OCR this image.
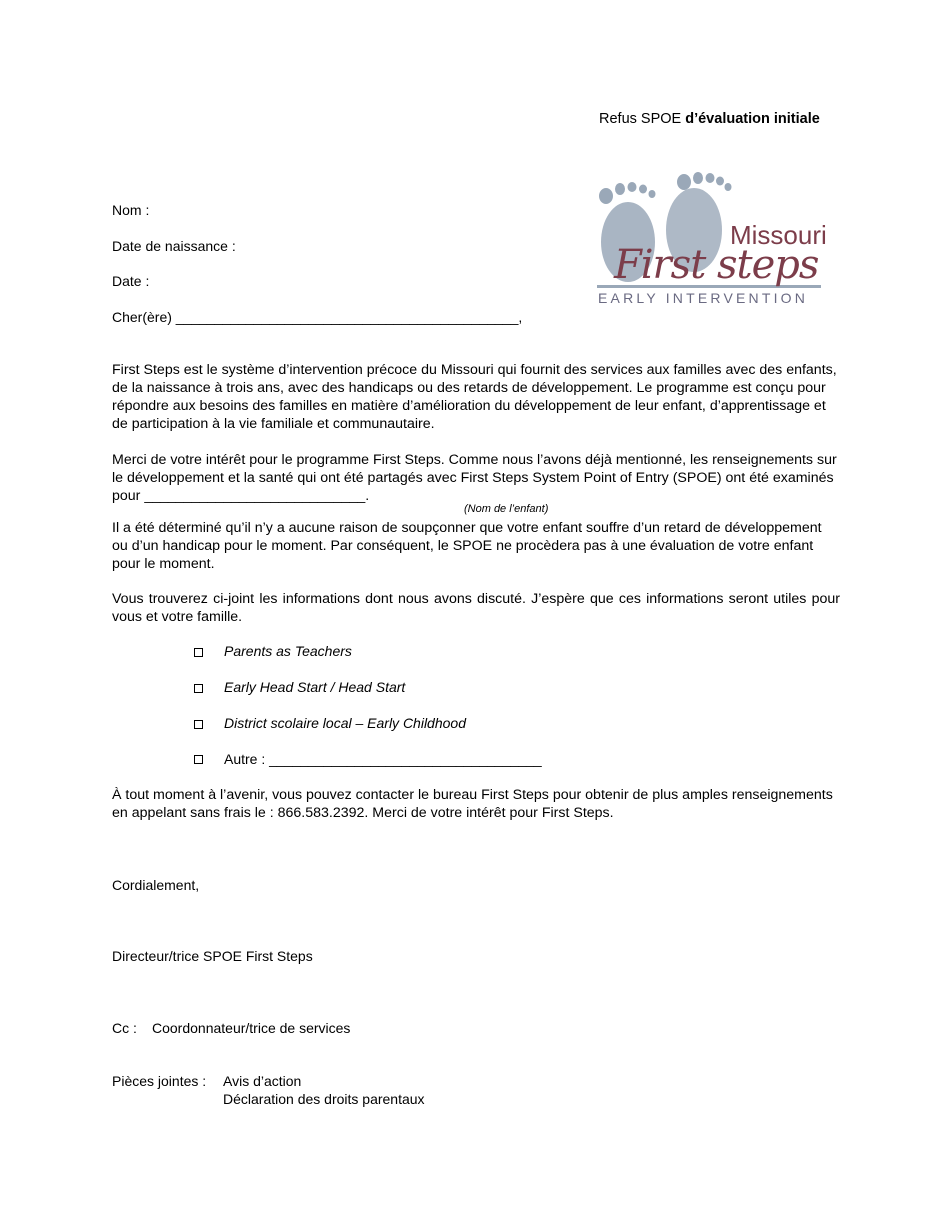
Refus SPOE d’évaluation initiale
Missouri
First steps
EARLY INTERVENTION
Nom :
Date de naissance :
Date :
Cher(ère) ____________________________________________,
First Steps est le système d’intervention précoce du Missouri qui fournit des services aux familles avec des enfants, de la naissance à trois ans, avec des handicaps ou des retards de développement. Le programme est conçu pour répondre aux besoins des familles en matière d’amélioration du développement de leur enfant, d’apprentissage et de participation à la vie familiale et communautaire.
Merci de votre intérêt pour le programme First Steps. Comme nous l’avons déjà mentionné, les renseignements sur le développement et la santé qui ont été partagés avec First Steps System Point of Entry (SPOE) ont été examinés pour ____________________________.
(Nom de l’enfant)
Il a été déterminé qu’il n’y a aucune raison de soupçonner que votre enfant souffre d’un retard de développement ou d’un handicap pour le moment. Par conséquent, le SPOE ne procèdera pas à une évaluation de votre enfant pour le moment.
Vous trouverez ci-joint les informations dont nous avons discuté. J’espère que ces informations seront utiles pour vous et votre famille.
Parents as Teachers
Early Head Start / Head Start
District scolaire local – Early Childhood
Autre : ___________________________________
À tout moment à l’avenir, vous pouvez contacter le bureau First Steps pour obtenir de plus amples renseignements en appelant sans frais le : 866.583.2392. Merci de votre intérêt pour First Steps.
Cordialement,
Directeur/trice SPOE First Steps
Cc : Coordonnateur/trice de services
Pièces jointes : Avis d’action
Déclaration des droits parentaux
